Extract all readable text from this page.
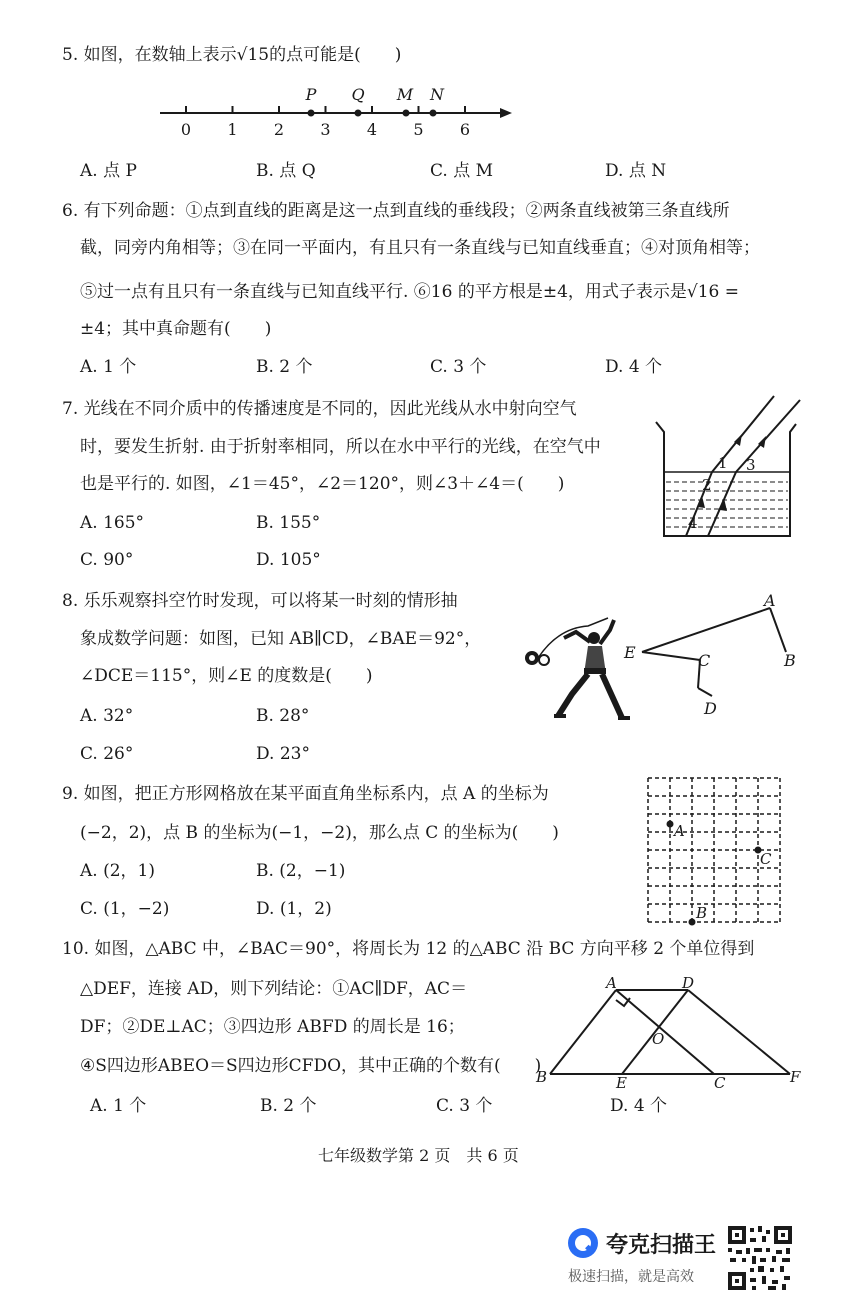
5. 如图，在数轴上表示√15的点可能是(　　)
0 1 2 3 4 5 6
P Q M N
A. 点 P	B. 点 Q	C. 点 M	D. 点 N
6. 有下列命题：①点到直线的距离是这一点到直线的垂线段；②两条直线被第三条直线所
截，同旁内角相等；③在同一平面内，有且只有一条直线与已知直线垂直；④对顶角相等；
⑤过一点有且只有一条直线与已知直线平行. ⑥16 的平方根是±4，用式子表示是√16 =
±4；其中真命题有(　　)
A. 1 个	B. 2 个	C. 3 个	D. 4 个
7. 光线在不同介质中的传播速度是不同的，因此光线从水中射向空气
时，要发生折射. 由于折射率相同，所以在水中平行的光线，在空气中
也是平行的. 如图，∠1＝45°，∠2＝120°，则∠3＋∠4＝(　　)
A. 165°	B. 155°
C. 90°	D. 105°
1
2
3
4
8. 乐乐观察抖空竹时发现，可以将某一时刻的情形抽
象成数学问题：如图，已知 AB∥CD，∠BAE＝92°，
∠DCE＝115°，则∠E 的度数是(　　)
A. 32°	B. 28°
C. 26°	D. 23°
A
B
C
D
E
9. 如图，把正方形网格放在某平面直角坐标系内，点 A 的坐标为
(−2，2)，点 B 的坐标为(−1，−2)，那么点 C 的坐标为(　　)
A. (2，1)	B. (2，−1)
C. (1，−2)	D. (1，2)
A
B
C
10. 如图，△ABC 中，∠BAC＝90°，将周长为 12 的△ABC 沿 BC 方向平移 2 个单位得到
△DEF，连接 AD，则下列结论：①AC∥DF，AC＝
DF；②DE⊥AC；③四边形 ABFD 的周长是 16；
④S四边形ABEO＝S四边形CFDO，其中正确的个数有(　　)
A. 1 个	B. 2 个	C. 3 个	D. 4 个
A	D
O
B	E	C	F
七年级数学第 2 页　共 6 页
夸克扫描王
极速扫描，就是高效
